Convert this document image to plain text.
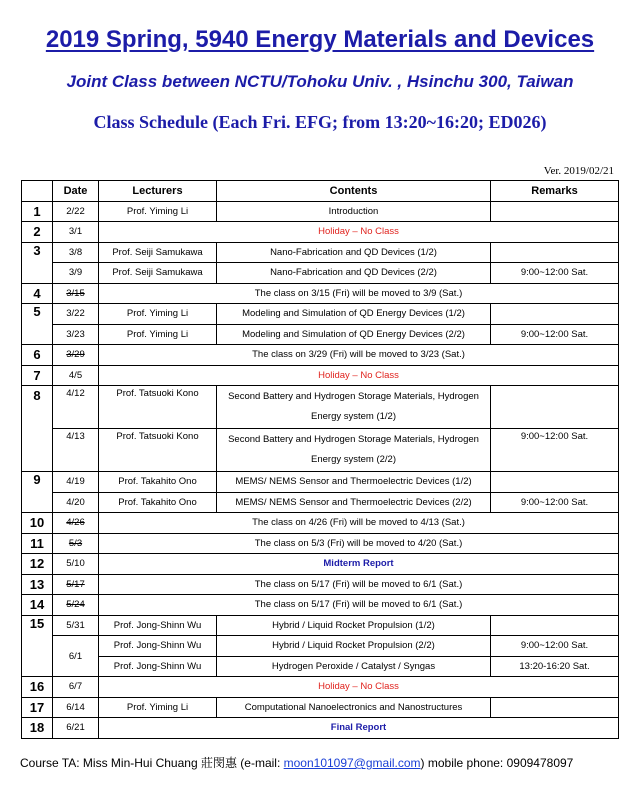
2019 Spring, 5940 Energy Materials and Devices
Joint Class between NCTU/Tohoku Univ. , Hsinchu 300, Taiwan
Class Schedule (Each Fri. EFG; from 13:20~16:20; ED026)
Ver. 2019/02/21
	Date	Lecturers	Contents	Remarks
1	2/22	Prof. Yiming Li	Introduction	
2	3/1	Holiday – No Class		
3	3/8	Prof. Seiji Samukawa	Nano-Fabrication and QD Devices (1/2)	
	3/9	Prof. Seiji Samukawa	Nano-Fabrication and QD Devices (2/2)	9:00~12:00 Sat.
4	3/15	The class on 3/15 (Fri) will be moved to 3/9 (Sat.)		
5	3/22	Prof. Yiming Li	Modeling and Simulation of QD Energy Devices (1/2)	
	3/23	Prof. Yiming Li	Modeling and Simulation of QD Energy Devices (2/2)	9:00~12:00 Sat.
6	3/29	The class on 3/29 (Fri) will be moved to 3/23 (Sat.)		
7	4/5	Holiday – No Class		
8	4/12	Prof. Tatsuoki Kono	Second Battery and Hydrogen Storage Materials, Hydrogen Energy system (1/2)	
	4/13	Prof. Tatsuoki Kono	Second Battery and Hydrogen Storage Materials, Hydrogen Energy system (2/2)	9:00~12:00 Sat.
9	4/19	Prof. Takahito Ono	MEMS/ NEMS Sensor and Thermoelectric Devices (1/2)	
	4/20	Prof. Takahito Ono	MEMS/ NEMS Sensor and Thermoelectric Devices (2/2)	9:00~12:00 Sat.
10	4/26	The class on 4/26 (Fri) will be moved to 4/13 (Sat.)		
11	5/3	The class on 5/3 (Fri) will be moved to 4/20 (Sat.)		
12	5/10	Midterm Report		
13	5/17	The class on 5/17 (Fri) will be moved to 6/1 (Sat.)		
14	5/24	The class on 5/17 (Fri) will be moved to 6/1 (Sat.)		
15	5/31	Prof. Jong-Shinn Wu	Hybrid / Liquid Rocket Propulsion (1/2)	
	6/1	Prof. Jong-Shinn Wu	Hybrid / Liquid Rocket Propulsion (2/2)	9:00~12:00 Sat.
		Prof. Jong-Shinn Wu	Hydrogen Peroxide / Catalyst / Syngas	13:20-16:20 Sat.
16	6/7	Holiday – No Class		
17	6/14	Prof. Yiming Li	Computational Nanoelectronics and Nanostructures	
18	6/21	Final Report		
Course TA: Miss Min-Hui Chuang 莊閔惠 (e-mail: moon101097@gmail.com) mobile phone: 0909478097
